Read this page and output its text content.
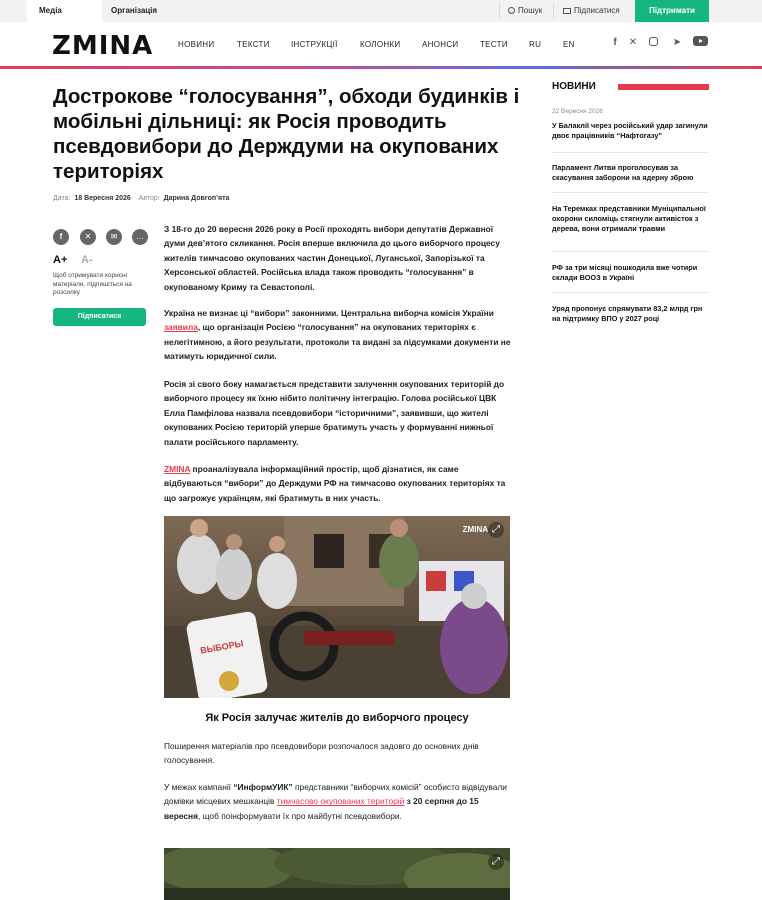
Медіа	Організація	Пошук	Підписатися	Підтримати
ZMINA	НОВИНИ	ТЕКСТИ	ІНСТРУКЦІЇ	КОЛОНКИ	АНОНСИ	ТЕСТИ	RU	EN	f	✕	➤
Дострокове “голосування”, обходи будинків і мобільні дільниці: як Росія проводить псевдовибори до Держдуми на окупованих територіях
Дата: 18 Вересня 2026 Автор: Дарина Довгоп’ята
f	✕	✉	…
A+ A-
Щоб отримувати корисні матеріали, підпишіться на розсилку
Підписатися

З 18-го до 20 вересня 2026 року в Росії проходять вибори депутатів Державної думи дев’ятого скликання. Росія вперше включила до цього виборчого процесу жителів тимчасово окупованих частин Донецької, Луганської, Запорізької та Херсонської областей. Російська влада також проводить “голосування” в окупованому Криму та Севастополі.

Україна не визнає ці “вибори” законними. Центральна виборча комісія України заявила, що організація Росією “голосування” на окупованих територіях є нелегітимною, а його результати, протоколи та видані за підсумками документи не матимуть юридичної сили.

Росія зі свого боку намагається представити залучення окупованих територій до виборчого процесу як їхню нібито політичну інтеграцію. Голова російської ЦВК Елла Памфілова назвала псевдовибори “історичними”, заявивши, що жителі окупованих Росією територій уперше братимуть участь у формуванні нижньої палати російського парламенту.

ZMINA проаналізувала інформаційний простір, щоб дізнатися, як саме відбуваються “вибори” до Держдуми РФ на тимчасово окупованих територіях та що загрожує українцям, які братимуть в них участь.

ВЫБОРЫ
ZMINA ⤢
Як Росія залучає жителів до виборчого процесу

Поширення матеріалів про псевдовибори розпочалося задовго до основних днів голосування.

У межах кампанії “ИнформУИК” представники “виборчих комісій” особисто відвідували домівки місцевих мешканців тимчасово окупованих територій з 20 серпня до 15 вересня, щоб поінформувати їх про майбутні псевдовибори.

⤢
НОВИНИ
22 Вересня 2026
У Балаклії через російський удар загинули двоє працівників “Нафтогазу”
Парламент Литви проголосував за скасування заборони на ядерну зброю
На Теремках представники Муніципальної охорони силоміць стягнули активісток з дерева, вони отримали травми
РФ за три місяці пошкодила вже чотири склади ВООЗ в Україні
Уряд пропонує спрямувати 83,2 млрд грн на підтримку ВПО у 2027 році
